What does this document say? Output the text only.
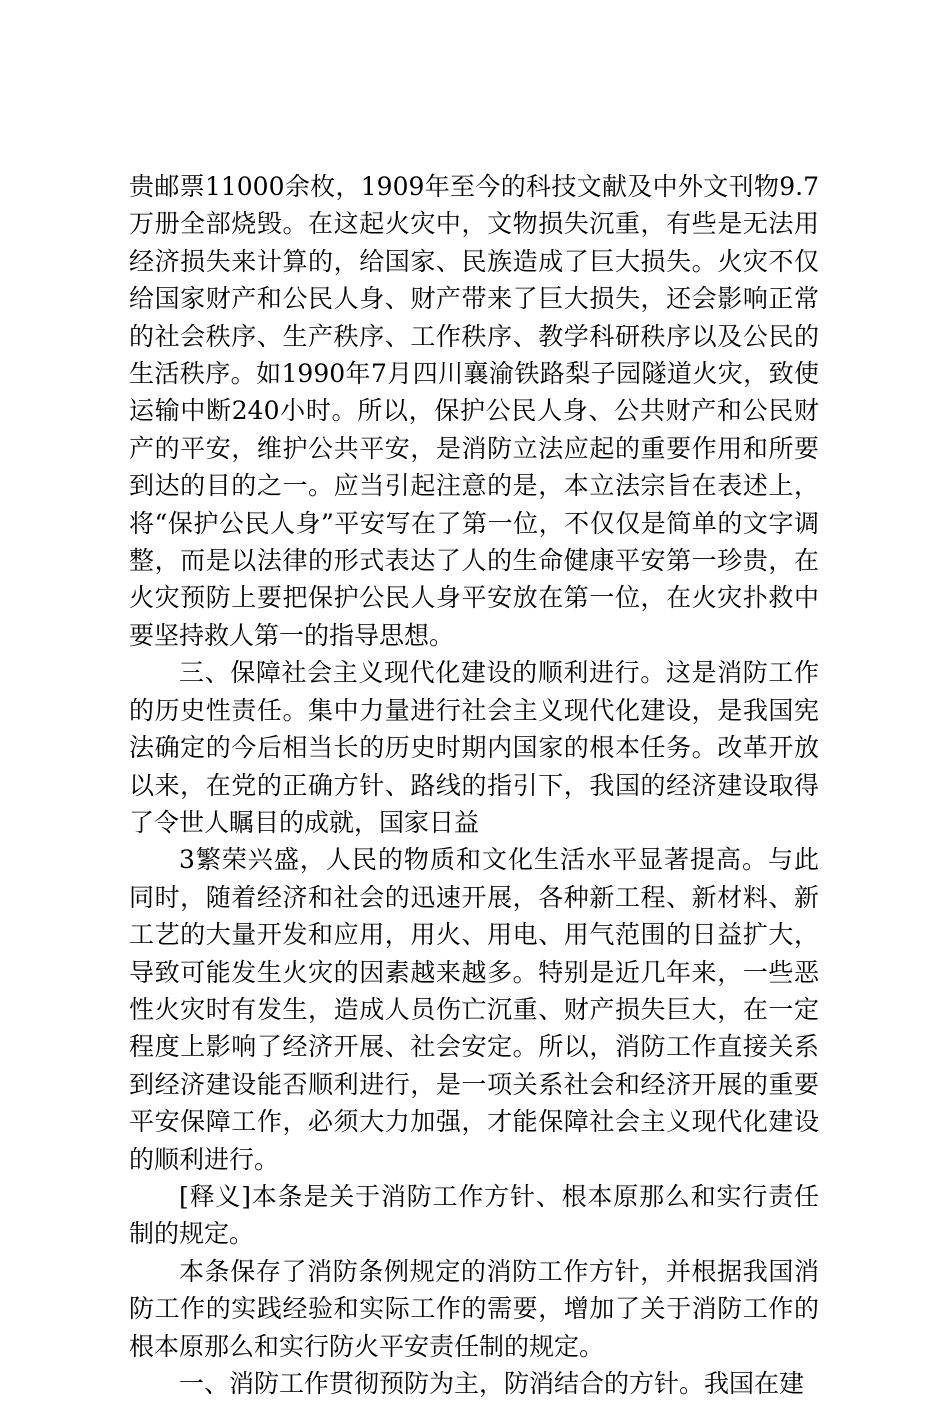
贵邮票11000余枚，1909年至今的科技文献及中外文刊物9.7万册全部烧毁。在这起火灾中，文物损失沉重，有些是无法用经济损失来计算的，给国家、民族造成了巨大损失。火灾不仅给国家财产和公民人身、财产带来了巨大损失，还会影响正常的社会秩序、生产秩序、工作秩序、教学科研秩序以及公民的生活秩序。如1990年7月四川襄渝铁路梨子园隧道火灾，致使运输中断240小时。所以，保护公民人身、公共财产和公民财产的平安，维护公共平安，是消防立法应起的重要作用和所要到达的目的之一。应当引起注意的是，本立法宗旨在表述上，将“保护公民人身”平安写在了第一位，不仅仅是简单的文字调整，而是以法律的形式表达了人的生命健康平安第一珍贵，在火灾预防上要把保护公民人身平安放在第一位，在火灾扑救中要坚持救人第一的指导思想。

三、保障社会主义现代化建设的顺利进行。这是消防工作的历史性责任。集中力量进行社会主义现代化建设，是我国宪法确定的今后相当长的历史时期内国家的根本任务。改革开放以来，在党的正确方针、路线的指引下，我国的经济建设取得了令世人瞩目的成就，国家日益

3繁荣兴盛，人民的物质和文化生活水平显著提高。与此同时，随着经济和社会的迅速开展，各种新工程、新材料、新工艺的大量开发和应用，用火、用电、用气范围的日益扩大，导致可能发生火灾的因素越来越多。特别是近几年来，一些恶性火灾时有发生，造成人员伤亡沉重、财产损失巨大，在一定程度上影响了经济开展、社会安定。所以，消防工作直接关系到经济建设能否顺利进行，是一项关系社会和经济开展的重要平安保障工作，必须大力加强，才能保障社会主义现代化建设的顺利进行。

[释义]本条是关于消防工作方针、根本原那么和实行责任制的规定。

本条保存了消防条例规定的消防工作方针，并根据我国消防工作的实践经验和实际工作的需要，增加了关于消防工作的根本原那么和实行防火平安责任制的规定。

一、消防工作贯彻预防为主，防消结合的方针。我国在建
